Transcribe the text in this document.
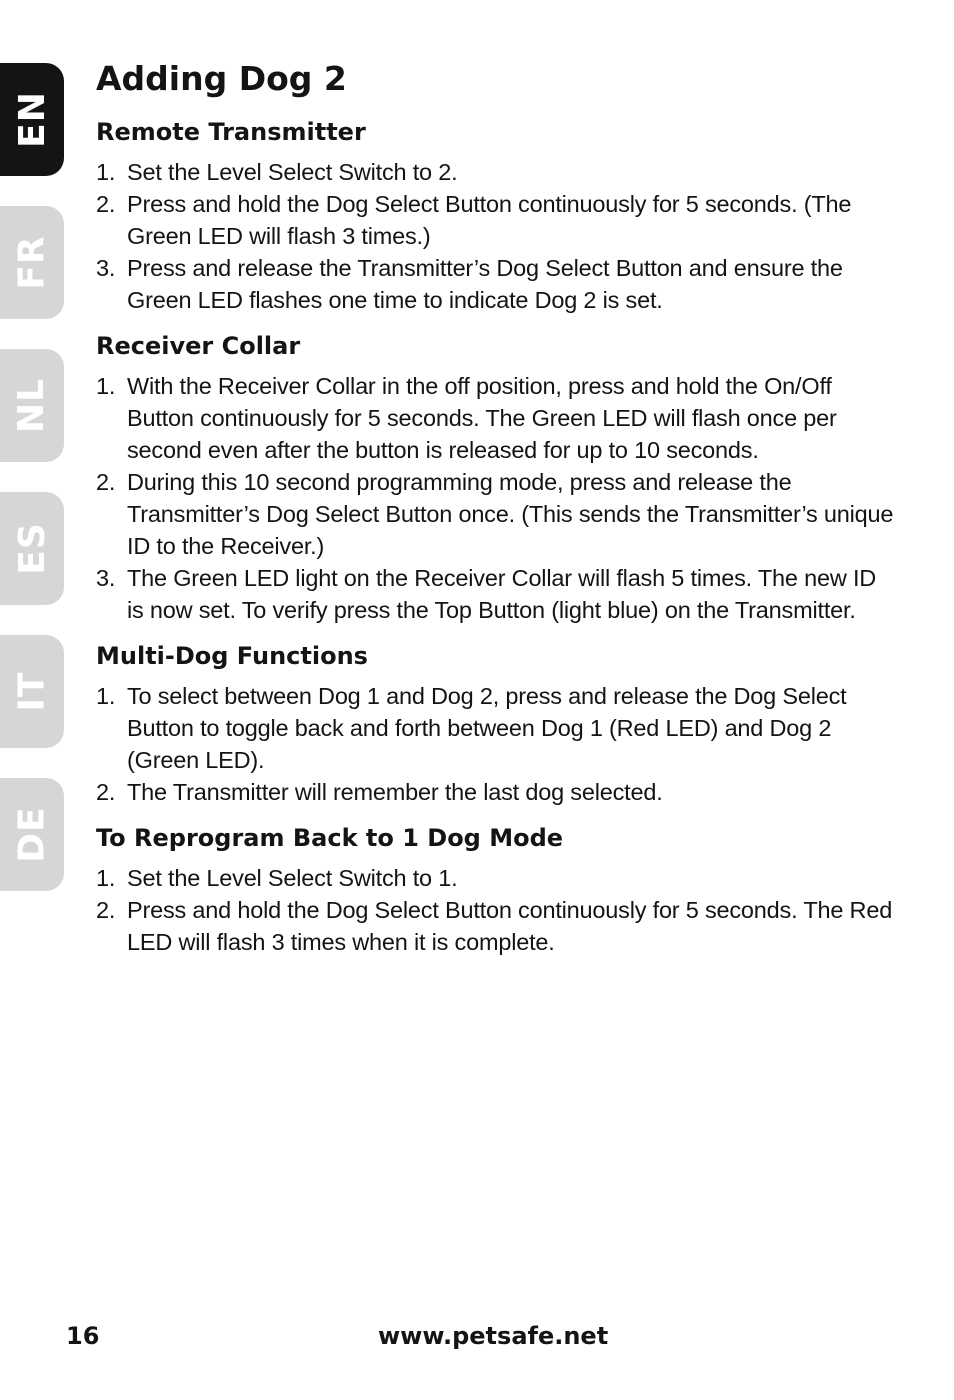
EN
FR
NL
ES
IT
DE
Adding Dog 2
Remote Transmitter
1. Set the Level Select Switch to 2.
2. Press and hold the Dog Select Button continuously for 5 seconds. (The Green LED will flash 3 times.)
3. Press and release the Transmitter’s Dog Select Button and ensure the Green LED flashes one time to indicate Dog 2 is set.
Receiver Collar
1. With the Receiver Collar in the off position, press and hold the On/Off Button continuously for 5 seconds. The Green LED will flash once per second even after the button is released for up to 10 seconds.
2. During this 10 second programming mode, press and release the Transmitter’s Dog Select Button once. (This sends the Transmitter’s unique ID to the Receiver.)
3. The Green LED light on the Receiver Collar will flash 5 times. The new ID is now set. To verify press the Top Button (light blue) on the Transmitter.
Multi-Dog Functions
1. To select between Dog 1 and Dog 2, press and release the Dog Select Button to toggle back and forth between Dog 1 (Red LED) and Dog 2 (Green LED).
2. The Transmitter will remember the last dog selected.
To Reprogram Back to 1 Dog Mode
1. Set the Level Select Switch to 1.
2. Press and hold the Dog Select Button continuously for 5 seconds. The Red LED will flash 3 times when it is complete.
16	www.petsafe.net
